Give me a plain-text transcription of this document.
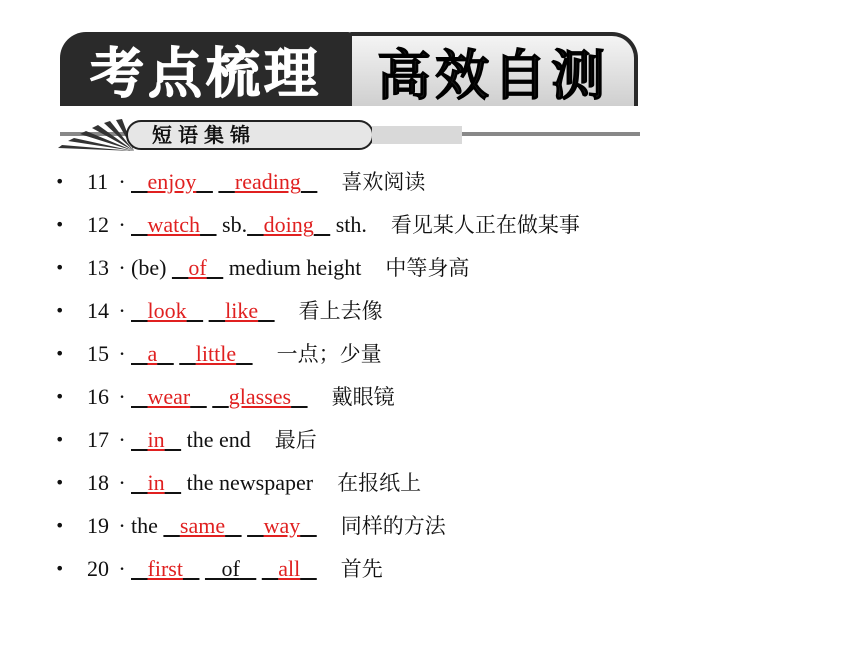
考点梳理 高效自测
短语集锦
•	11 · enjoy reading	喜欢阅读
•	12 · watch    sb. doing    sth. 看见某人正在做某事
•	13 · (be)    of    medium height 中等身高
•	14 · look like	看上去像
•	15 · a little	一点；少量
•	16 · wear glasses	戴眼镜
•	17 · in    the end 最后
•	18 · in    the newspaper 在报纸上
•	19 · the    same way	同样的方法
•	20 · first of all	首先
